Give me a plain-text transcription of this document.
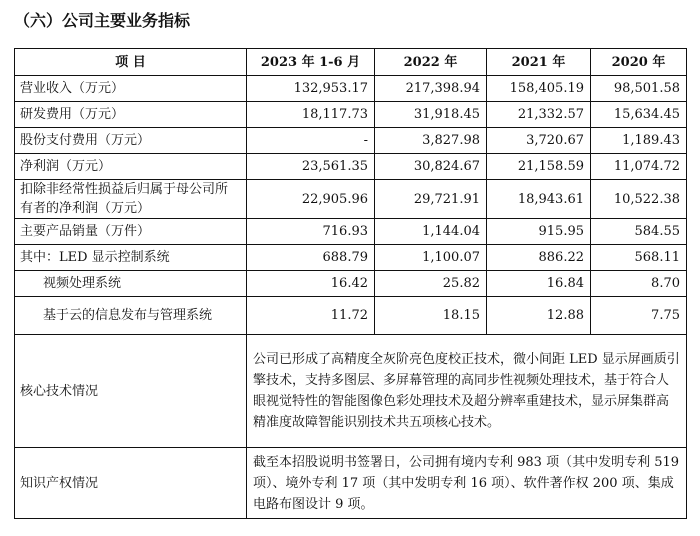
（六）公司主要业务指标
项 目	2023 年 1-6 月	2022 年	2021 年	2020 年
营业收入（万元）	132,953.17	217,398.94	158,405.19	98,501.58
研发费用（万元）	18,117.73	31,918.45	21,332.57	15,634.45
股份支付费用（万元）	-	3,827.98	3,720.67	1,189.43
净利润（万元）	23,561.35	30,824.67	21,158.59	11,074.72
扣除非经常性损益后归属于母公司所有者的净利润（万元）	22,905.96	29,721.91	18,943.61	10,522.38
主要产品销量（万件）	716.93	1,144.04	915.95	584.55
其中：LED 显示控制系统	688.79	1,100.07	886.22	568.11
视频处理系统	16.42	25.82	16.84	8.70
基于云的信息发布与管理系统	11.72	18.15	12.88	7.75
核心技术情况	公司已形成了高精度全灰阶亮色度校正技术，微小间距 LED 显示屏画质引擎技术，支持多图层、多屏幕管理的高同步性视频处理技术，基于符合人眼视觉特性的智能图像色彩处理技术及超分辨率重建技术，显示屏集群高精准度故障智能识别技术共五项核心技术。			
知识产权情况	截至本招股说明书签署日，公司拥有境内专利 983 项（其中发明专利 519 项）、境外专利 17 项（其中发明专利 16 项）、软件著作权 200 项、集成电路布图设计 9 项。			
